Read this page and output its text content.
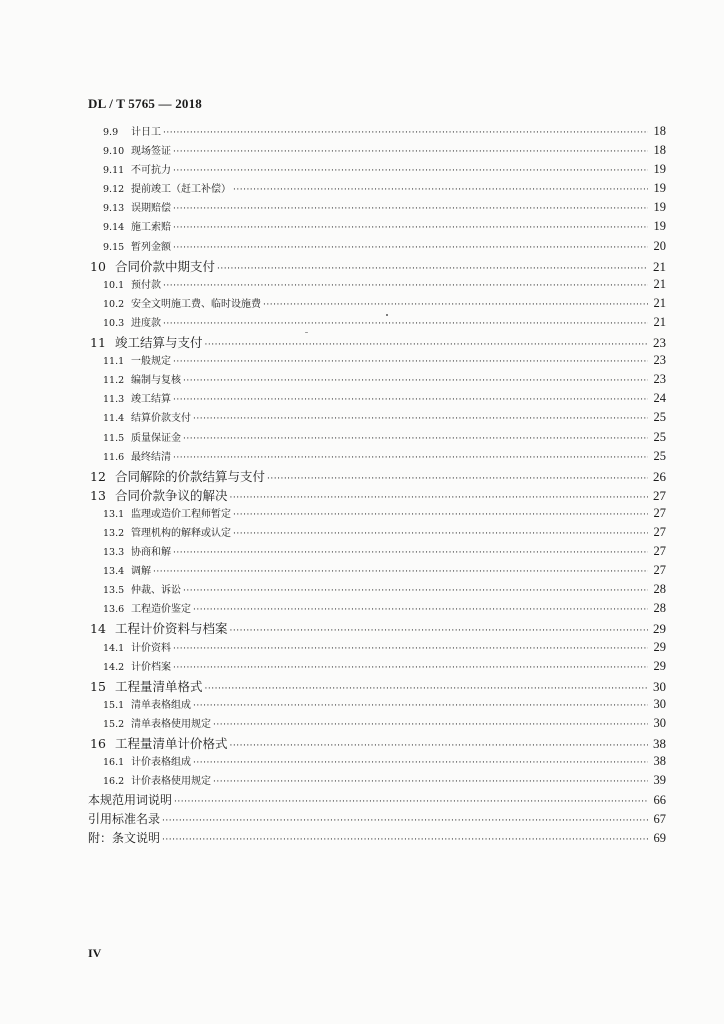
DL / T 5765 — 2018
9.9	计日工 ·····	18
9.10 现场签证 ·····	18
9.11 不可抗力 ·····	19
9.12 提前竣工（赶工补偿） ·····	19
9.13 误期赔偿 ·····	19
9.14 施工索赔 ·····	19
9.15 暂列金额 ·····	20
10 合同价款中期支付 ·····	21
10.1 预付款 ·····	21
10.2 安全文明施工费、临时设施费 ·····	21
10.3 进度款 ·····	21
11 竣工结算与支付 ·····	23
11.1 一般规定 ·····	23
11.2 编制与复核 ·····	23
11.3 竣工结算 ·····	24
11.4 结算价款支付 ·····	25
11.5 质量保证金 ·····	25
11.6 最终结清 ·····	25
12 合同解除的价款结算与支付 ·····	26
13 合同价款争议的解决 ·····	27
13.1 监理或造价工程师暂定 ·····	27
13.2 管理机构的解释或认定 ·····	27
13.3 协商和解 ·····	27
13.4 调解 ·····	27
13.5 仲裁、诉讼 ·····	28
13.6 工程造价鉴定 ·····	28
14 工程计价资料与档案 ·····	29
14.1 计价资料 ·····	29
14.2 计价档案 ·····	29
15 工程量清单格式 ·····	30
15.1 清单表格组成 ·····	30
15.2 清单表格使用规定 ·····	30
16 工程量清单计价格式 ·····	38
16.1 计价表格组成 ·····	38
16.2 计价表格使用规定 ·····	39
本规范用词说明 ·····	66
引用标准名录 ·····	67
附：条文说明 ·····	69
IV
